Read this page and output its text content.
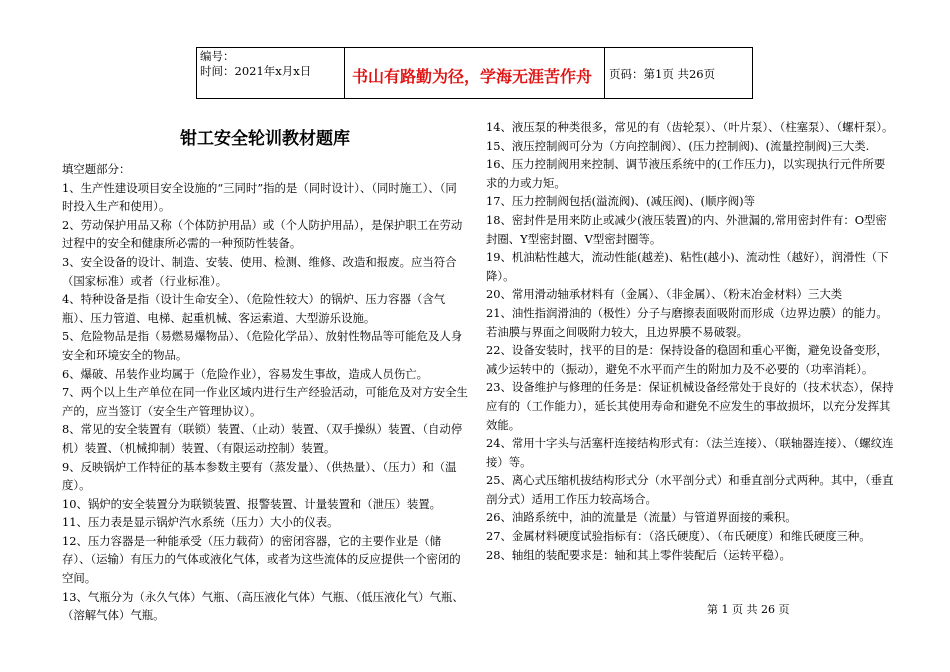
编号：
时间：2021年x月x日	书山有路勤为径，学海无涯苦作舟 页码：第1页 共26页
钳工安全轮训教材题库

填空题部分：

1、生产性建设项目安全设施的“三同时”指的是（同时设计）、（同时施工）、（同时投入生产和使用）。

2、劳动保护用品又称（个体防护用品）或（个人防护用品），是保护职工在劳动过程中的安全和健康所必需的一种预防性装备。

3、安全设备的设计、制造、安装、使用、检测、维修、改造和报废。应当符合（国家标准）或者（行业标准）。

4、特种设备是指（设计生命安全）、（危险性较大）的锅炉、压力容器（含气瓶）、压力管道、电梯、起重机械、客运索道、大型游乐设施。

5、危险物品是指（易燃易爆物品）、（危险化学品）、放射性物品等可能危及人身安全和环境安全的物品。

6、爆破、吊装作业均属于（危险作业），容易发生事故，造成人员伤亡。

7、两个以上生产单位在同一作业区域内进行生产经验活动，可能危及对方安全生产的，应当签订（安全生产管理协议）。

8、常见的安全装置有（联锁）装置、（止动）装置、（双手操纵）装置、（自动停机）装置、（机械抑制）装置、（有限运动控制）装置。

9、反映锅炉工作特征的基本参数主要有（蒸发量）、（供热量）、（压力）和（温度）。

10、锅炉的安全装置分为联锁装置、报警装置、计量装置和（泄压）装置。

11、压力表是显示锅炉汽水系统（压力）大小的仪表。

12、压力容器是一种能承受（压力载荷）的密闭容器，它的主要作业是（储存）、（运输）有压力的气体或液化气体，或者为这些流体的反应提供一个密闭的空间。

13、气瓶分为（永久气体）气瓶、（高压液化气体）气瓶、（低压液化气）气瓶、（溶解气体）气瓶。

14、液压泵的种类很多，常见的有（齿轮泵）、（叶片泵）、（柱塞泵）、（螺杆泵）。

15、液压控制阀可分为（方向控制阀）、(压力控制阀)、(流量控制阀)三大类.

16、压力控制阀用来控制、调节液压系统中的(工作压力)，以实现执行元件所要求的力或力矩。

17、压力控制阀包括(溢流阀)、(减压阀)、(顺序阀)等

18、密封件是用来防止或减少(液压装置)的内、外泄漏的,常用密封件有：O型密封圈、Y型密封圈、V型密封圈等。

19、机油粘性越大，流动性能(越差)、粘性(越小)、流动性（越好），润滑性（下降）。

20、常用滑动轴承材料有（金属）、（非金属）、（粉末冶金材料）三大类

21、油性指润滑油的（极性）分子与磨擦表面吸附而形成（边界边膜）的能力。若油膜与界面之间吸附力较大，且边界膜不易破裂。

22、设备安装时，找平的目的是：保持设备的稳固和重心平衡，避免设备变形，减少运转中的（振动），避免不水平而产生的附加力及不必要的（功率消耗）。

23、设备维护与修理的任务是：保证机械设备经常处于良好的（技术状态），保持应有的（工作能力），延长其使用寿命和避免不应发生的事故损坏，以充分发挥其效能。

24、常用十字头与活塞杆连接结构形式有：（法兰连接）、（联轴器连接）、（螺纹连接）等。

25、离心式压缩机拔结构形式分（水平剖分式）和垂直剖分式两种。其中，（垂直剖分式）适用工作压力较高场合。

26、油路系统中，油的流量是（流量）与管道界面接的乘积。

27、金属材料硬度试验指标有：（洛氏硬度）、（布氏硬度）和维氏硬度三种。

28、轴组的装配要求是：轴和其上零件装配后（运转平稳）。

第 1 页 共 26 页
